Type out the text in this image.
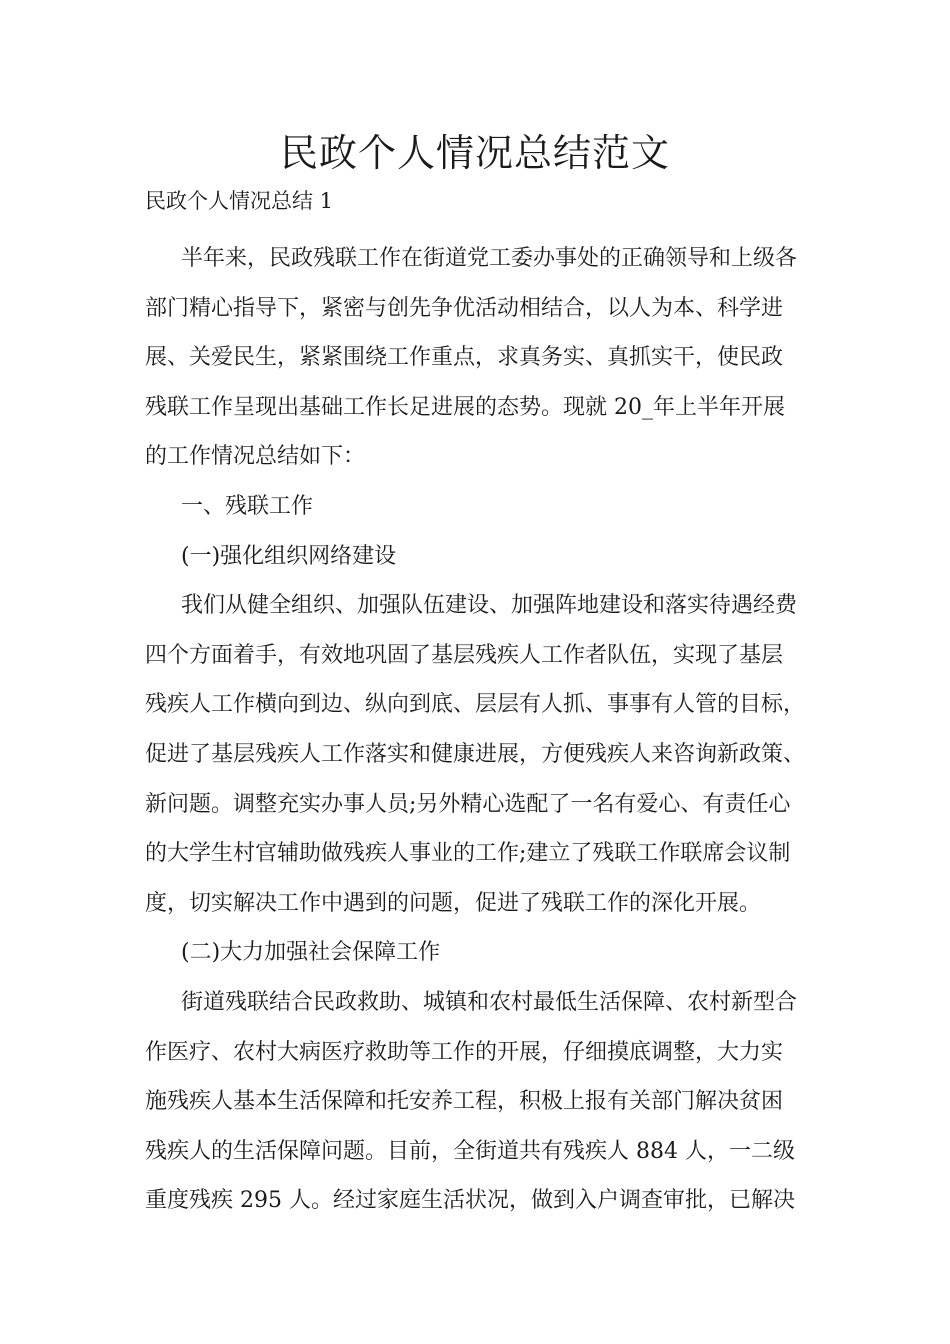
民政个人情况总结范文

民政个人情况总结 1

半年来，民政残联工作在街道党工委办事处的正确领导和上级各

部门精心指导下，紧密与创先争优活动相结合，以人为本、科学进

展、关爱民生，紧紧围绕工作重点，求真务实、真抓实干，使民政

残联工作呈现出基础工作长足进展的态势。现就 20_年上半年开展

的工作情况总结如下：

一、残联工作

(一)强化组织网络建设

我们从健全组织、加强队伍建设、加强阵地建设和落实待遇经费

四个方面着手，有效地巩固了基层残疾人工作者队伍，实现了基层

残疾人工作横向到边、纵向到底、层层有人抓、事事有人管的目标，

促进了基层残疾人工作落实和健康进展，方便残疾人来咨询新政策、

新问题。调整充实办事人员;另外精心选配了一名有爱心、有责任心

的大学生村官辅助做残疾人事业的工作;建立了残联工作联席会议制

度，切实解决工作中遇到的问题，促进了残联工作的深化开展。

(二)大力加强社会保障工作

街道残联结合民政救助、城镇和农村最低生活保障、农村新型合

作医疗、农村大病医疗救助等工作的开展，仔细摸底调整，大力实

施残疾人基本生活保障和托安养工程，积极上报有关部门解决贫困

残疾人的生活保障问题。目前，全街道共有残疾人 884 人，一二级

重度残疾 295 人。经过家庭生活状况，做到入户调查审批，已解决
